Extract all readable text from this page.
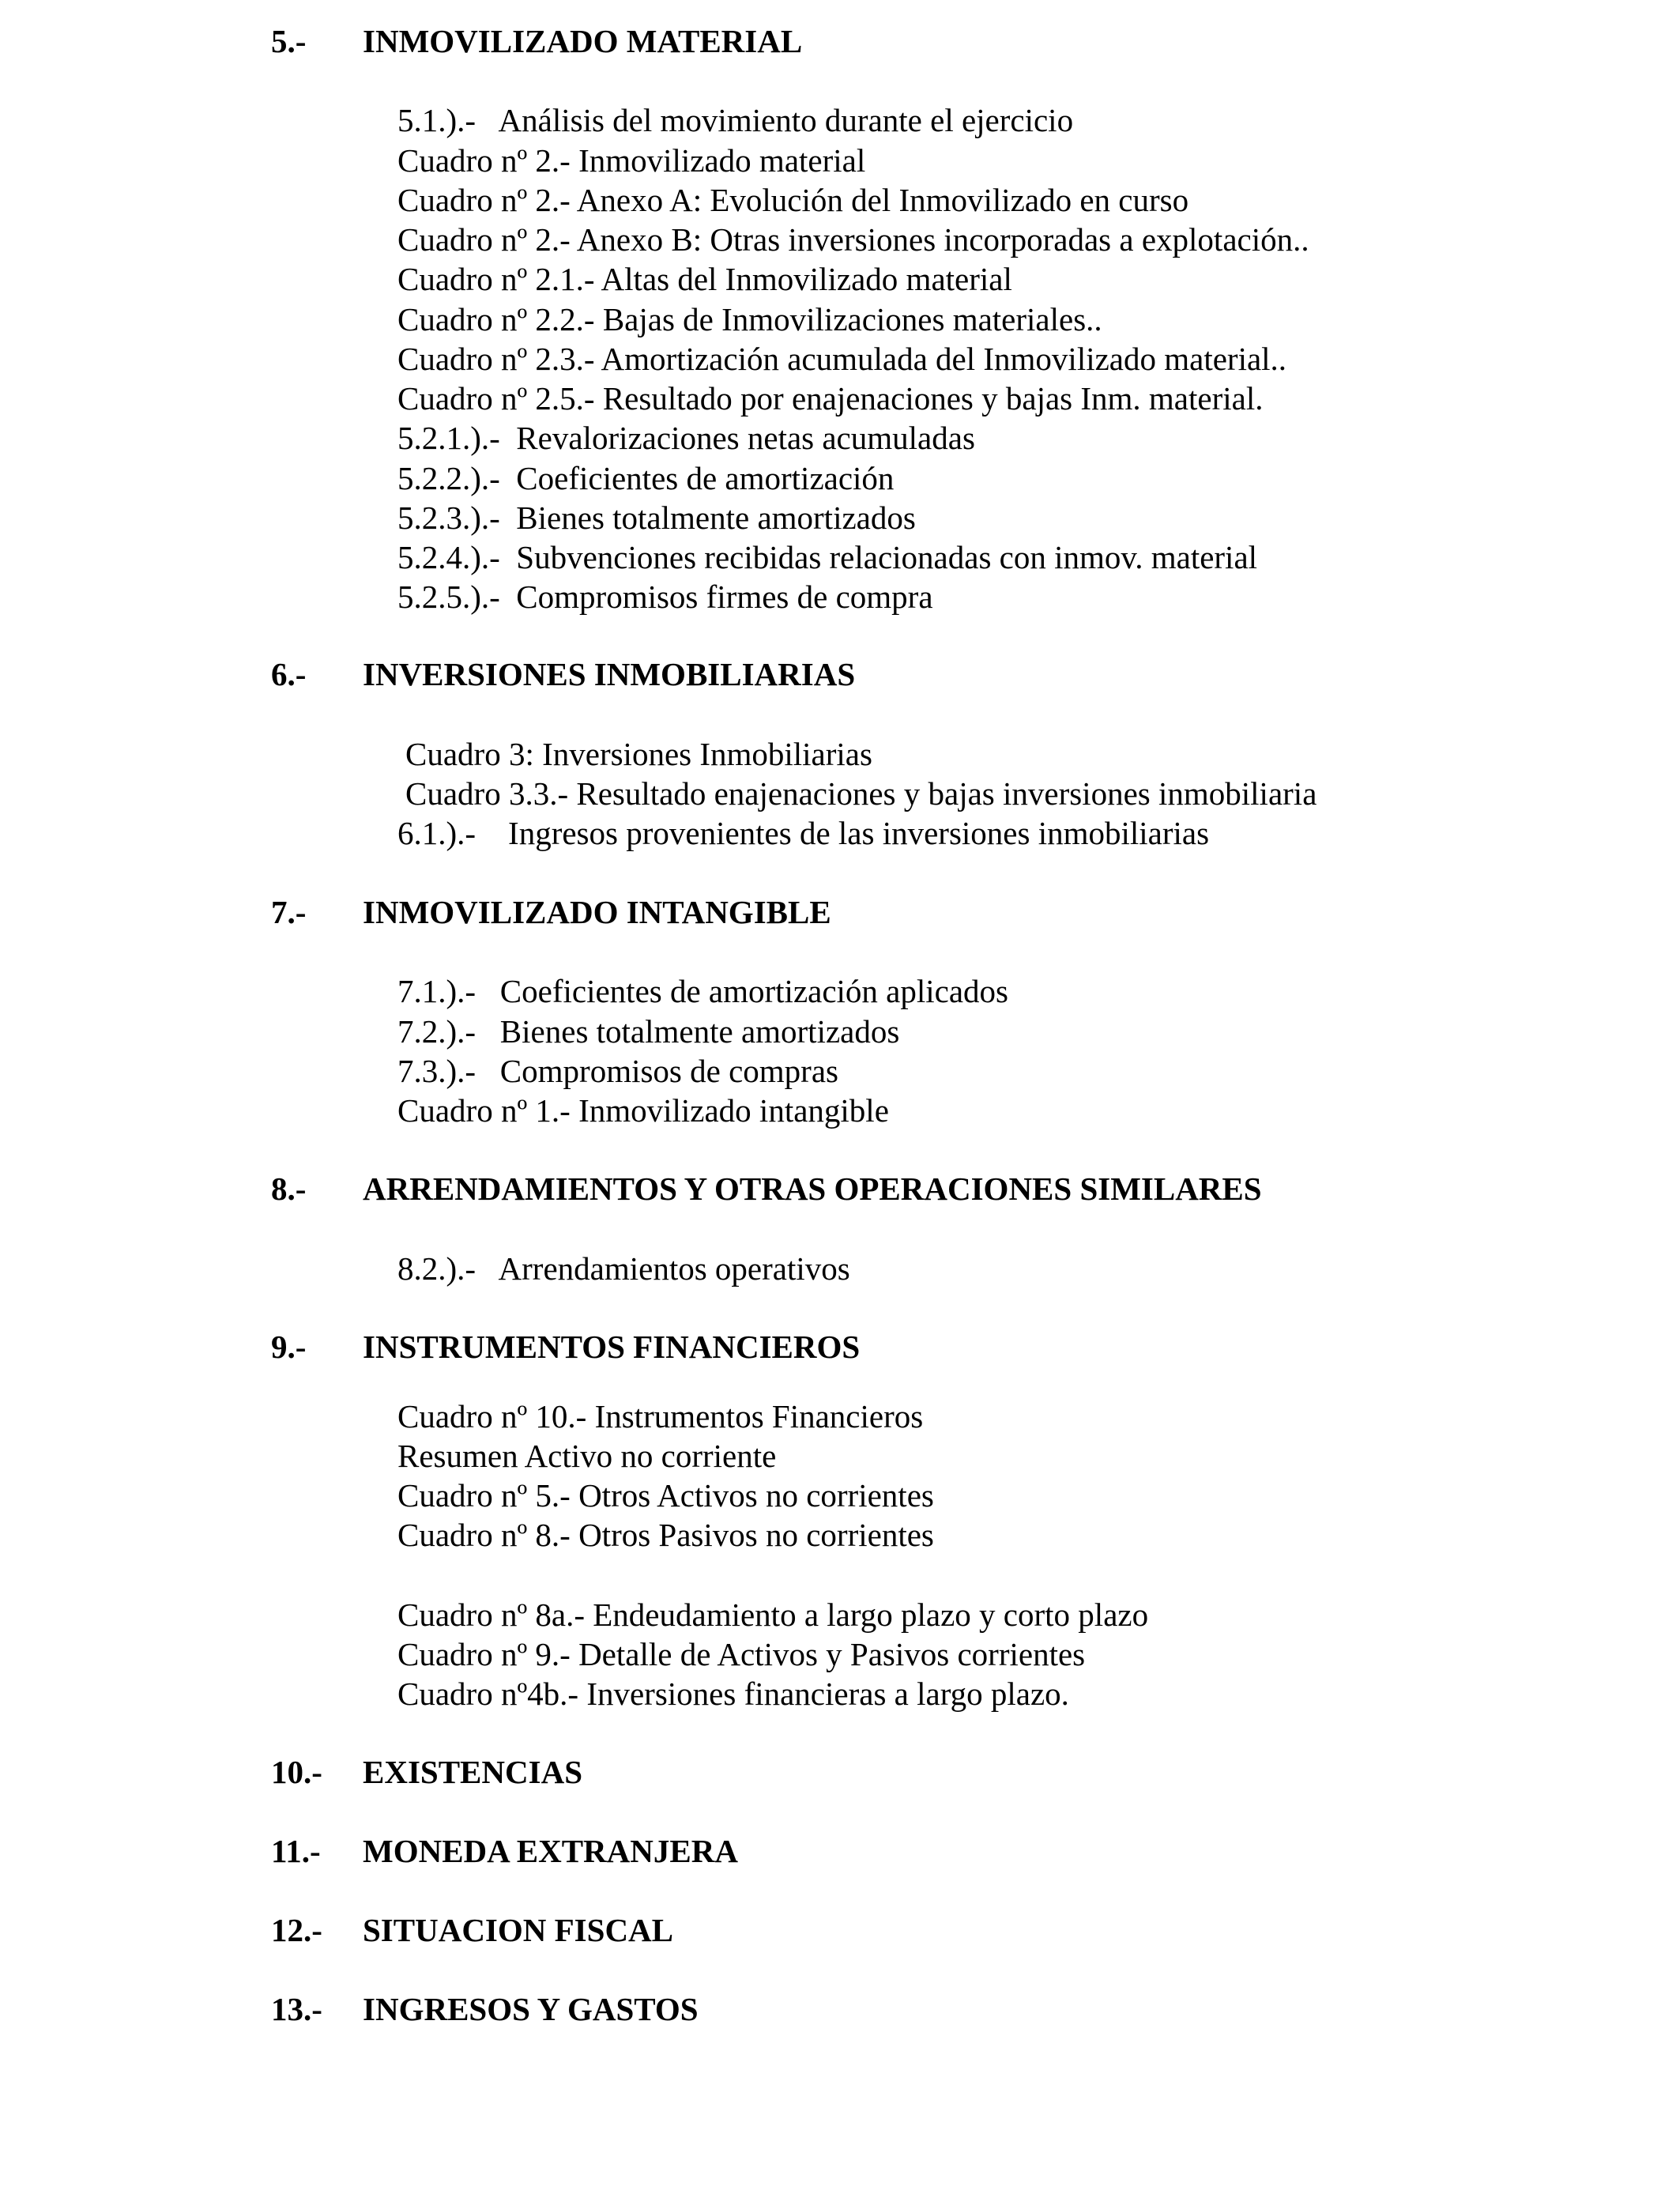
5.- INMOVILIZADO MATERIAL
5.1.).-   Análisis del movimiento durante el ejercicio
Cuadro nº 2.- Inmovilizado material
Cuadro nº 2.- Anexo A: Evolución del Inmovilizado en curso
Cuadro nº 2.- Anexo B: Otras inversiones incorporadas a explotación..
Cuadro nº 2.1.- Altas del Inmovilizado material
Cuadro nº 2.2.- Bajas de Inmovilizaciones materiales..
Cuadro nº 2.3.- Amortización acumulada del Inmovilizado material..
Cuadro nº 2.5.- Resultado por enajenaciones y bajas Inm. material.
5.2.1.).-  Revalorizaciones netas acumuladas
5.2.2.).-  Coeficientes de amortización
5.2.3.).-  Bienes totalmente amortizados
5.2.4.).-  Subvenciones recibidas relacionadas con inmov. material
5.2.5.).-  Compromisos firmes de compra
6.- INVERSIONES INMOBILIARIAS
Cuadro 3: Inversiones Inmobiliarias
Cuadro 3.3.- Resultado enajenaciones y bajas inversiones inmobiliaria
6.1.).-    Ingresos provenientes de las inversiones inmobiliarias
7.- INMOVILIZADO INTANGIBLE
7.1.).-   Coeficientes de amortización aplicados
7.2.).-   Bienes totalmente amortizados
7.3.).-   Compromisos de compras
Cuadro nº 1.- Inmovilizado intangible
8.- ARRENDAMIENTOS Y OTRAS OPERACIONES SIMILARES
8.2.).-   Arrendamientos operativos
9.- INSTRUMENTOS FINANCIEROS
Cuadro nº 10.- Instrumentos Financieros
Resumen Activo no corriente
Cuadro nº 5.- Otros Activos no corrientes
Cuadro nº 8.- Otros Pasivos no corrientes
Cuadro nº 8a.- Endeudamiento a largo plazo y corto plazo
Cuadro nº 9.- Detalle de Activos y Pasivos corrientes
Cuadro nº4b.- Inversiones financieras a largo plazo.
10.- EXISTENCIAS
11.- MONEDA EXTRANJERA
12.- SITUACION FISCAL
13.- INGRESOS Y GASTOS
